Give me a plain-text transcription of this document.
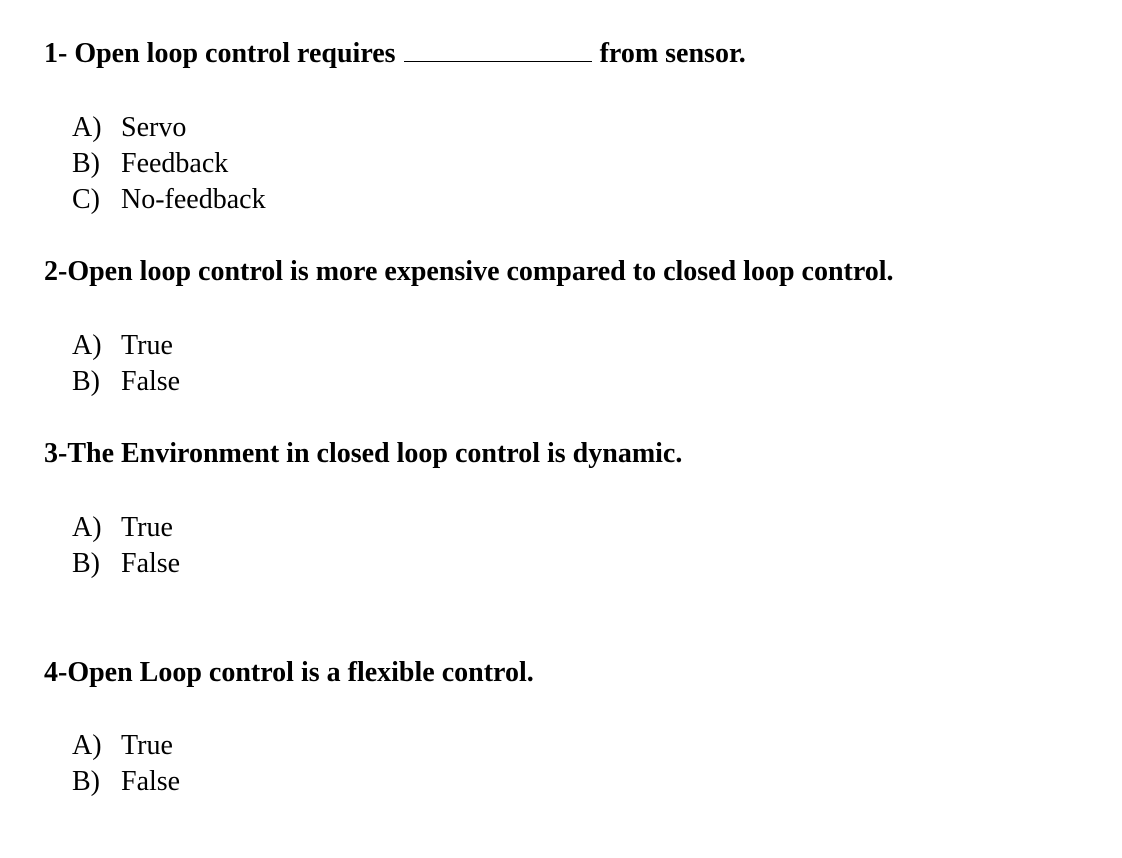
1- Open loop control requires	from sensor.
A) Servo
B) Feedback
C) No-feedback
2-Open loop control is more expensive compared to closed loop control.
A) True
B) False
3-The Environment in closed loop control is dynamic.
A) True
B) False
4-Open Loop control is a flexible control.
A) True
B) False
